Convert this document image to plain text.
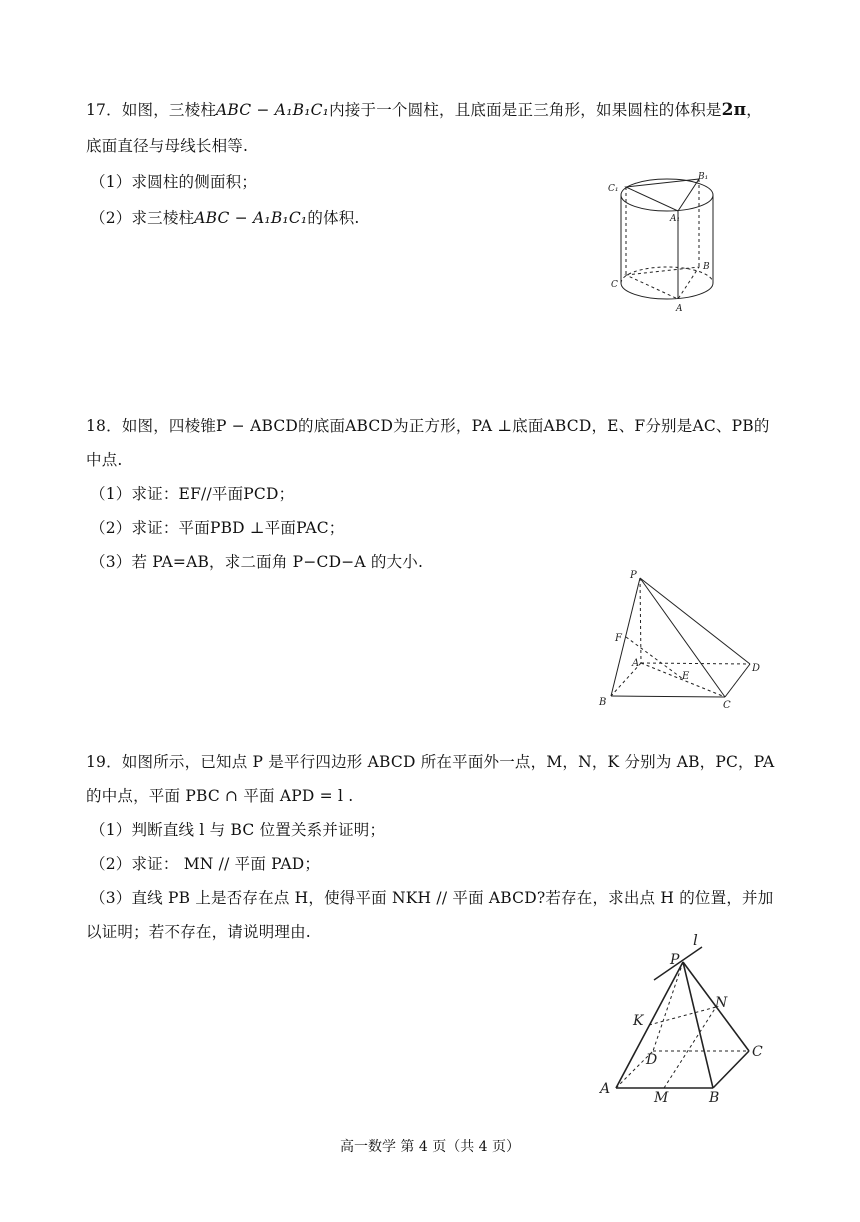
17．如图，三棱柱ABC − A₁B₁C₁内接于一个圆柱，且底面是正三角形，如果圆柱的体积是2π，
底面直径与母线长相等.
（1）求圆柱的侧面积；
（2）求三棱柱ABC − A₁B₁C₁的体积.
C₁
B₁
A₁
B
C
A
18．如图，四棱锥P − ABCD的底面ABCD为正方形，PA ⊥底面ABCD，E、F分别是AC、PB的
中点.
（1）求证：EF//平面PCD；
（2）求证：平面PBD ⊥平面PAC；
（3）若 PA=AB，求二面角 P−CD−A 的大小.
P
F
A
E
D
B	C
19．如图所示，已知点 P 是平行四边形 ABCD 所在平面外一点，M，N，K 分别为 AB，PC，PA
的中点，平面 PBC ∩ 平面 APD = l .
（1）判断直线 l 与 BC 位置关系并证明；
（2）求证： MN // 平面 PAD；
（3）直线 PB 上是否存在点 H，使得平面 NKH // 平面 ABCD?若存在，求出点 H 的位置，并加
以证明；若不存在，请说明理由.	l
P
N
K
C
D
A
M	B
高一数学 第 4 页（共 4 页）
